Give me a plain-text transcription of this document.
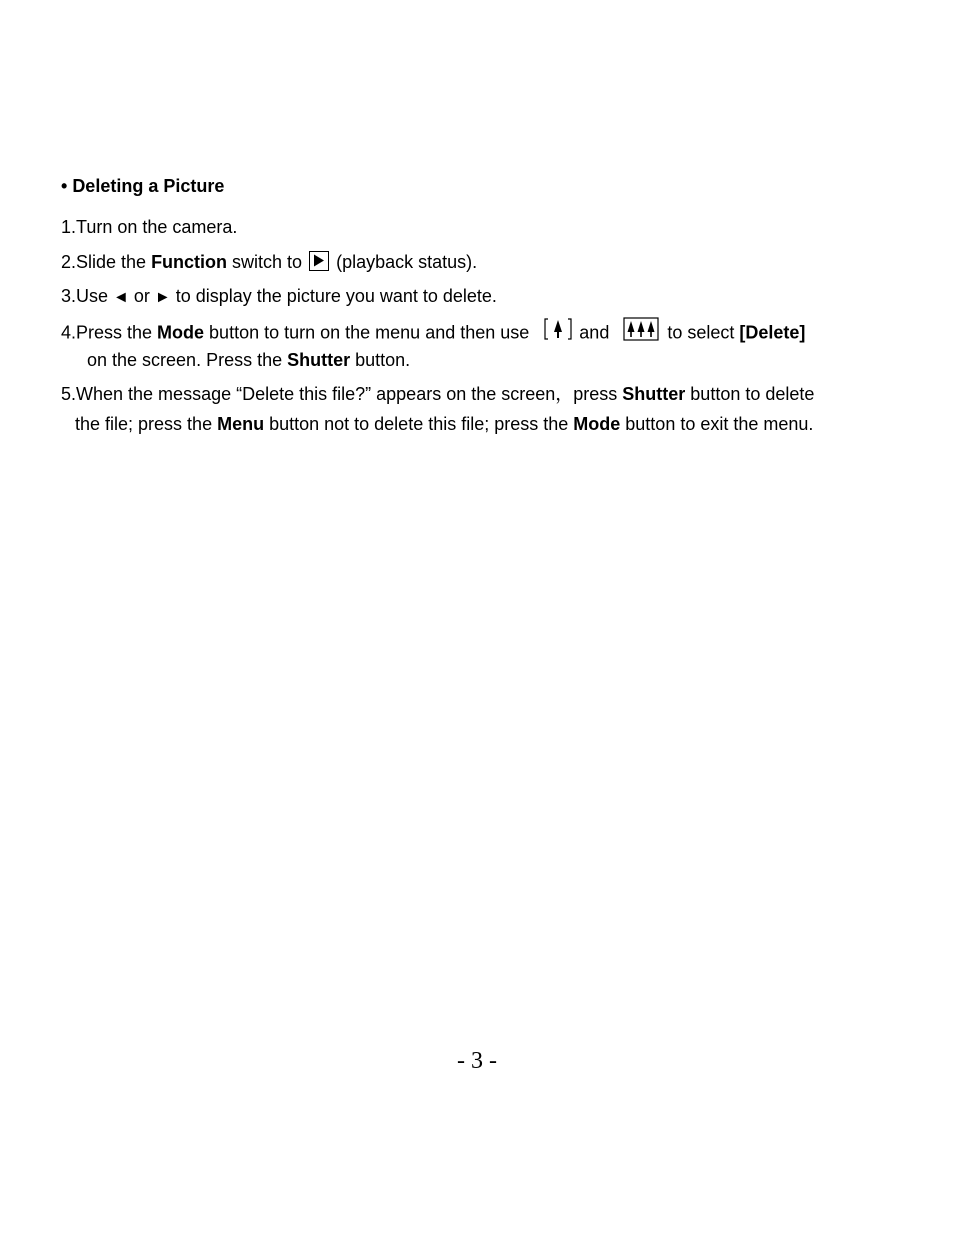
• Deleting a Picture
1.Turn on the camera.
2.Slide the Function switch to
(playback status).
3.Use ◄ or ► to display the picture you want to delete.
4.Press the Mode button to turn on the menu and then use	and	to select [Delete]
on the screen. Press the Shutter button.
5.When the message “Delete this file?” appears on the screen，press Shutter button to delete
the file; press the Menu button not to delete this file; press the Mode button to exit the menu.
- 3 -
